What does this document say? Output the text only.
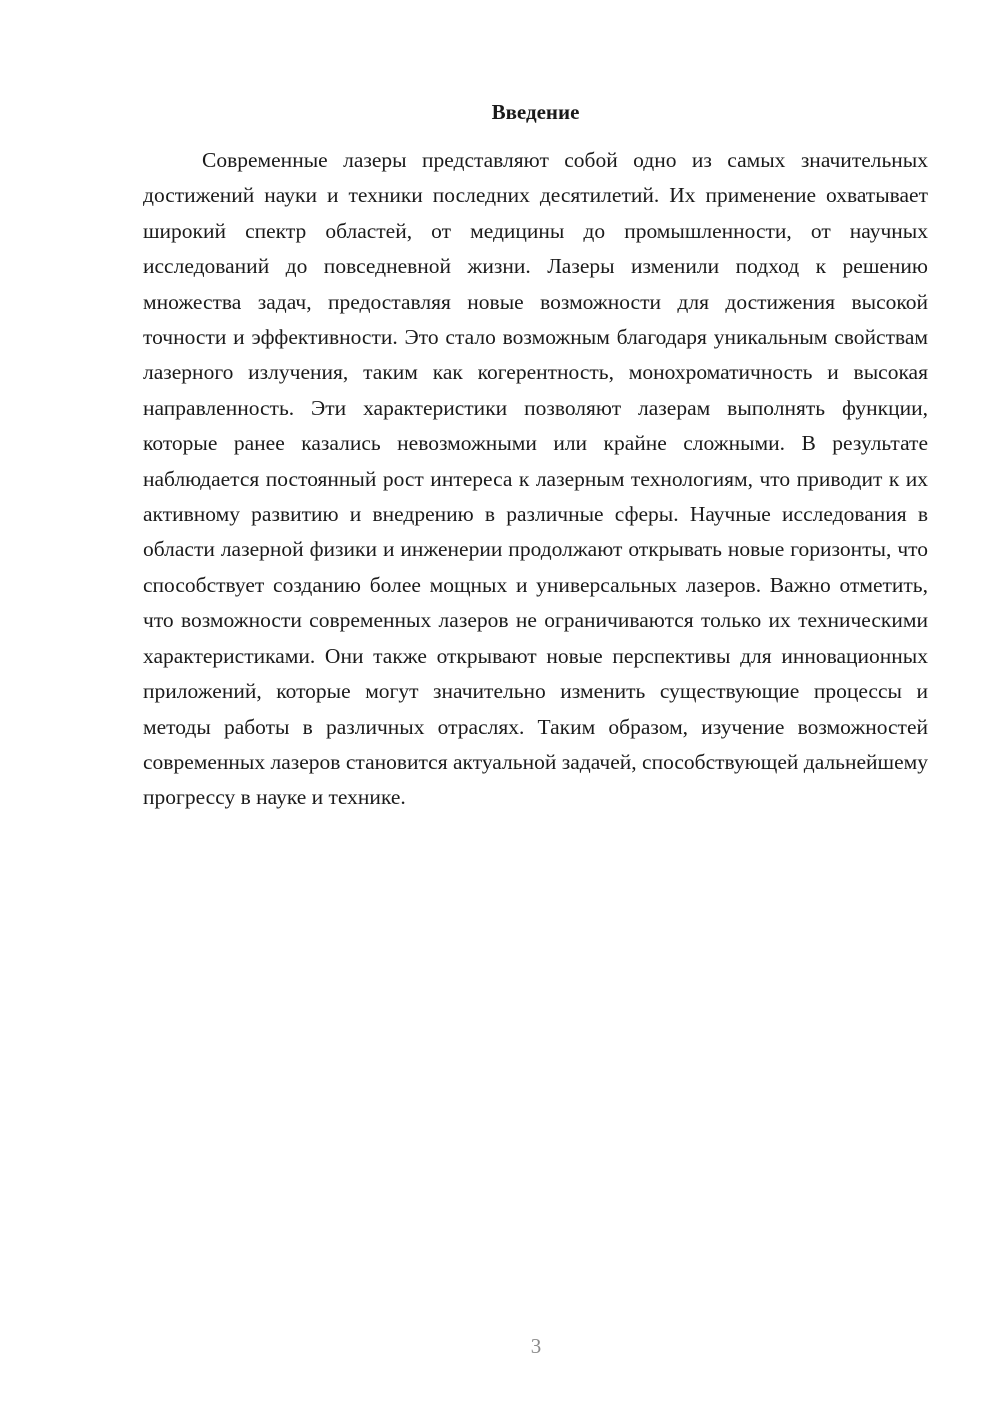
Введение

Современные лазеры представляют собой одно из самых значительных достижений науки и техники последних десятилетий. Их применение охватывает широкий спектр областей, от медицины до промышленности, от научных исследований до повседневной жизни. Лазеры изменили подход к решению множества задач, предоставляя новые возможности для достижения высокой точности и эффективности. Это стало возможным благодаря уникальным свойствам лазерного излучения, таким как когерентность, монохроматичность и высокая направленность. Эти характеристики позволяют лазерам выполнять функции, которые ранее казались невозможными или крайне сложными. В результате наблюдается постоянный рост интереса к лазерным технологиям, что приводит к их активному развитию и внедрению в различные сферы. Научные исследования в области лазерной физики и инженерии продолжают открывать новые горизонты, что способствует созданию более мощных и универсальных лазеров. Важно отметить, что возможности современных лазеров не ограничиваются только их техническими характеристиками. Они также открывают новые перспективы для инновационных приложений, которые могут значительно изменить существующие процессы и методы работы в различных отраслях. Таким образом, изучение возможностей современных лазеров становится актуальной задачей, способствующей дальнейшему прогрессу в науке и технике.

3
